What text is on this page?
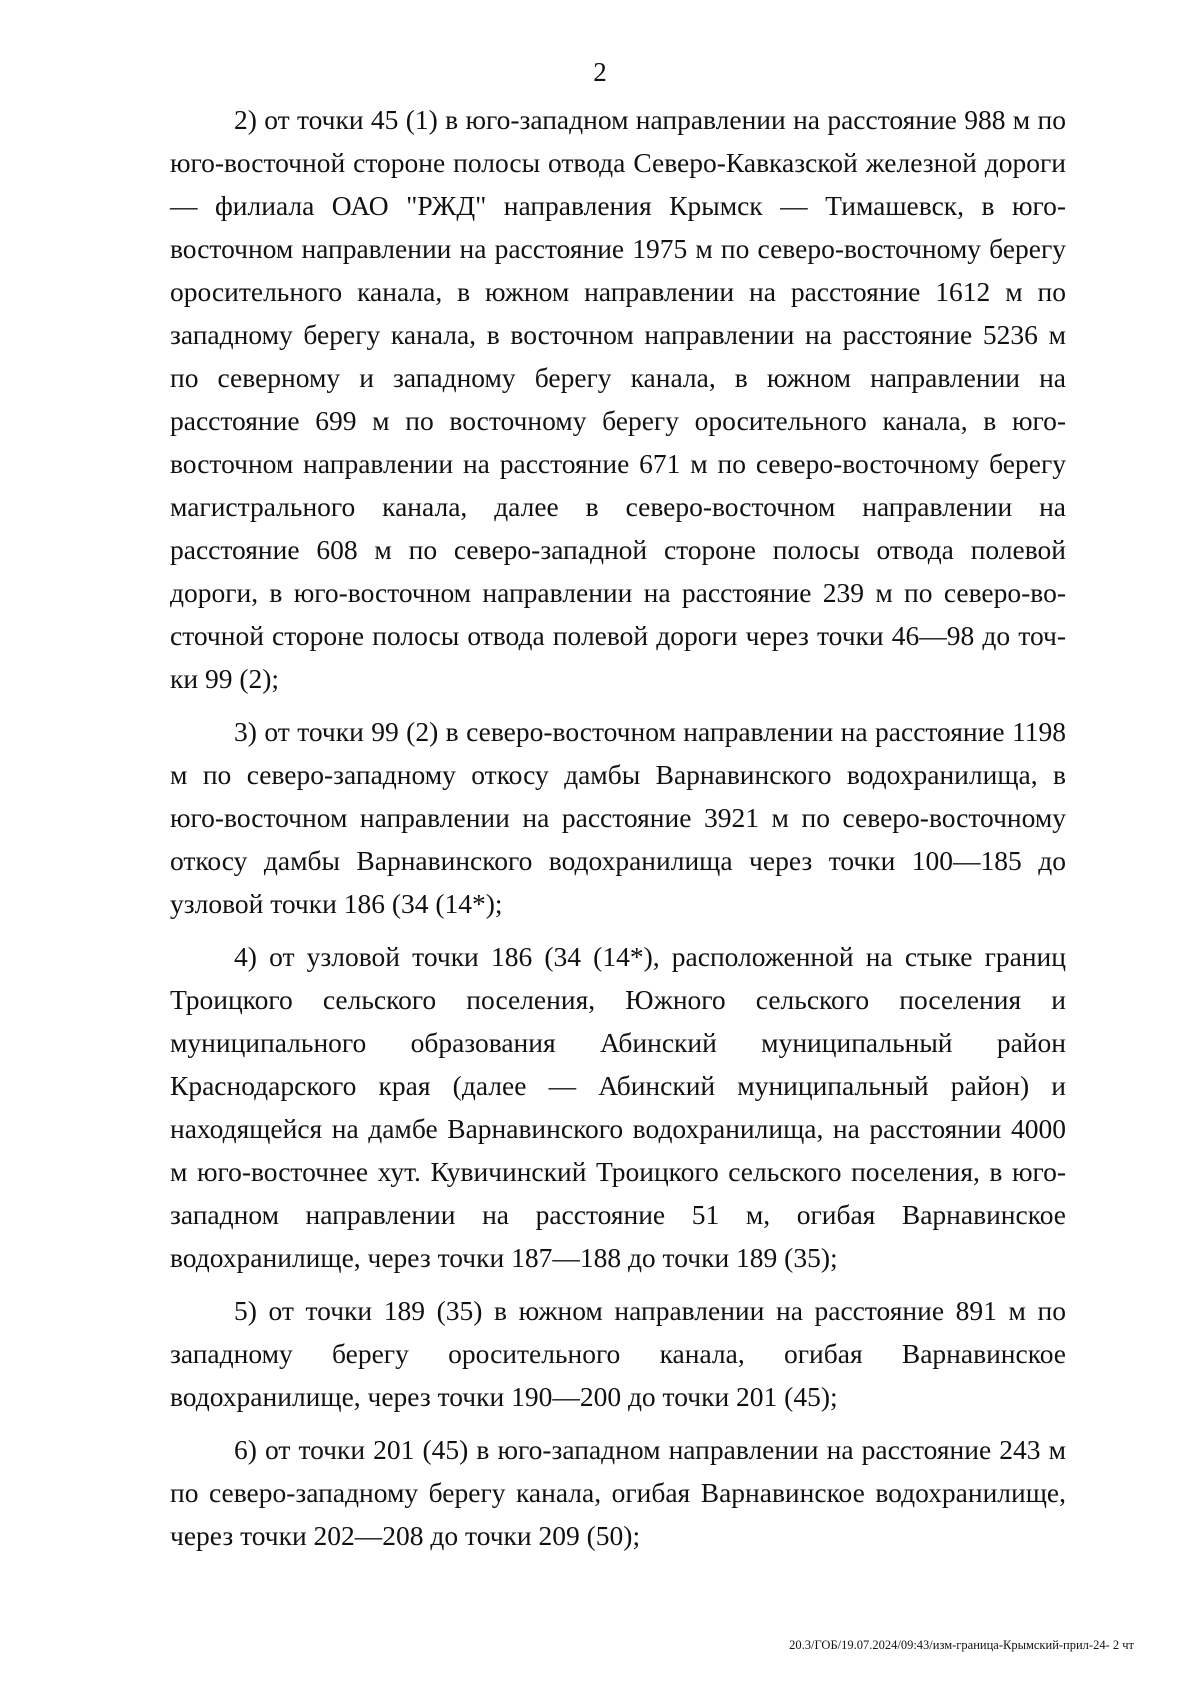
2

2) от точки 45 (1) в юго-западном направлении на расстояние 988 м по юго-восточной стороне полосы отвода Северо-Кавказской железной дороги — филиала ОАО "РЖД" направления Крымск — Тимашевск, в юго-восточном направлении на расстояние 1975 м по северо-восточному берегу оросительного канала, в южном направлении на расстояние 1612 м по западному берегу канала, в восточном направлении на расстояние 5236 м по северному и западному берегу канала, в южном направлении на расстояние 699 м по восточному берегу оросительного канала, в юго-восточном направлении на расстояние 671 м по северо-восточному берегу магистрального канала, далее в северо-восточном направлении на расстояние 608 м по северо-западной стороне полосы отвода полевой дороги, в юго-восточном направлении на расстояние 239 м по северо-восточной стороне полосы отвода полевой дороги через точки 46—98 до точки 99 (2);

3) от точки 99 (2) в северо-восточном направлении на расстояние 1198 м по северо-западному откосу дамбы Варнавинского водохранилища, в юго-восточном направлении на расстояние 3921 м по северо-восточному откосу дамбы Варнавинского водохранилища через точки 100—185 до узловой точки 186 (34 (14*);

4) от узловой точки 186 (34 (14*), расположенной на стыке границ Троицкого сельского поселения, Южного сельского поселения и муниципального образования Абинский муниципальный район Краснодарского края (далее — Абинский муниципальный район) и находящейся на дамбе Варнавинского водохранилища, на расстоянии 4000 м юго-восточнее хут. Кувичинский Троицкого сельского поселения, в юго-западном направлении на расстояние 51 м, огибая Варнавинское водохранилище, через точки 187—188 до точки 189 (35);

5) от точки 189 (35) в южном направлении на расстояние 891 м по западному берегу оросительного канала, огибая Варнавинское водохранилище, через точки 190—200 до точки 201 (45);

6) от точки 201 (45) в юго-западном направлении на расстояние 243 м по северо-западному берегу канала, огибая Варнавинское водохранилище, через точки 202—208 до точки 209 (50);

20.3/ГОБ/19.07.2024/09:43/изм-граница-Крымский-прил-24- 2 чт
